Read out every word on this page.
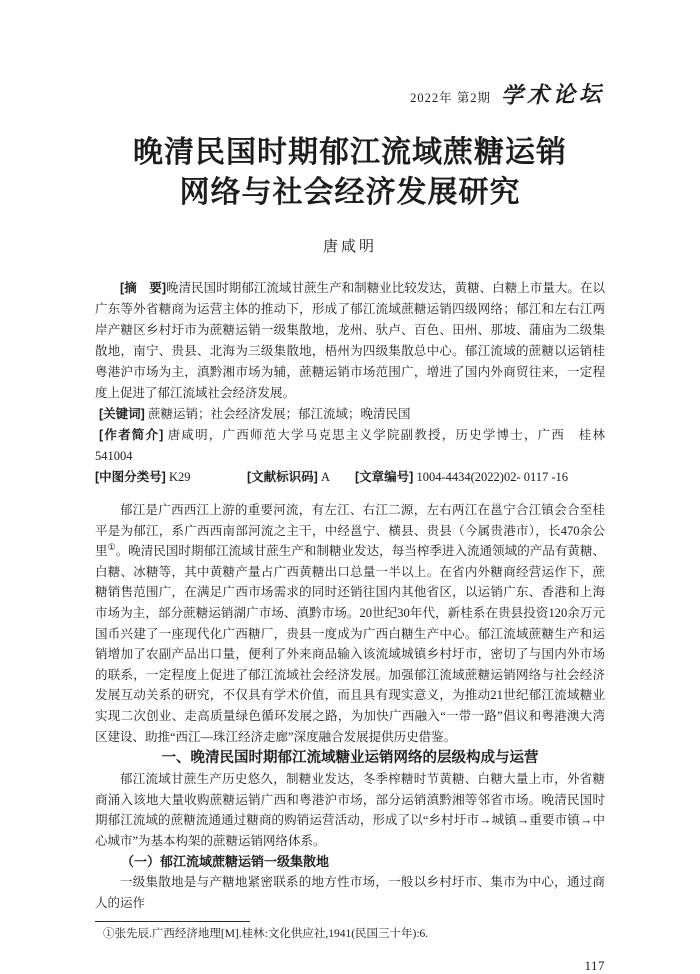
2022年 第2期 学术论坛
晚清民国时期郁江流域蔗糖运销
网络与社会经济发展研究
唐咸明

[摘　要]晚清民国时期郁江流域甘蔗生产和制糖业比较发达，黄糖、白糖上市量大。在以广东等外省糖商为运营主体的推动下，形成了郁江流域蔗糖运销四级网络；郁江和左右江两岸产糖区乡村圩市为蔗糖运销一级集散地，龙州、驮卢、百色、田州、那坡、蒲庙为二级集散地，南宁、贵县、北海为三级集散地，梧州为四级集散总中心。郁江流域的蔗糖以运销桂粤港沪市场为主，滇黔湘市场为辅，蔗糖运销市场范围广，增进了国内外商贸往来，一定程度上促进了郁江流域社会经济发展。

[关键词] 蔗糖运销；社会经济发展；郁江流域；晚清民国

[作者简介] 唐咸明，广西师范大学马克思主义学院副教授，历史学博士，广西　桂林　541004

[中图分类号] K29	[文献标识码] A	[文章编号] 1004-4434(2022)02- 0117 -16

郁江是广西西江上游的重要河流，有左江、右江二源，左右两江在邕宁合江镇会合至桂平是为郁江，系广西西南部河流之主干，中经邕宁、横县、贵县（今属贵港市），长470余公里①。晚清民国时期郁江流域甘蔗生产和制糖业发达，每当榨季进入流通领域的产品有黄糖、白糖、冰糖等，其中黄糖产量占广西黄糖出口总量一半以上。在省内外糖商经营运作下，蔗糖销售范围广，在满足广西市场需求的同时还销往国内其他省区，以运销广东、香港和上海市场为主，部分蔗糖运销湖广市场、滇黔市场。20世纪30年代，新桂系在贵县投资120余万元国币兴建了一座现代化广西糖厂，贵县一度成为广西白糖生产中心。郁江流域蔗糖生产和运销增加了农副产品出口量，便利了外来商品输入该流域城镇乡村圩市，密切了与国内外市场的联系，一定程度上促进了郁江流域社会经济发展。加强郁江流域蔗糖运销网络与社会经济发展互动关系的研究，不仅具有学术价值，而且具有现实意义，为推动21世纪郁江流域糖业实现二次创业、走高质量绿色循环发展之路，为加快广西融入“一带一路”倡议和粤港澳大湾区建设、助推“西江—珠江经济走廊”深度融合发展提供历史借鉴。

一、晚清民国时期郁江流域糖业运销网络的层级构成与运营

郁江流域甘蔗生产历史悠久，制糖业发达，冬季榨糖时节黄糖、白糖大量上市，外省糖商涌入该地大量收购蔗糖运销广西和粤港沪市场，部分运销滇黔湘等邻省市场。晚清民国时期郁江流域的蔗糖流通通过糖商的购销运营活动，形成了以“乡村圩市→城镇→重要市镇→中心城市”为基本构架的蔗糖运销网络体系。

（一）郁江流域蔗糖运销一级集散地

一级集散地是与产糖地紧密联系的地方性市场，一般以乡村圩市、集市为中心，通过商人的运作

①张先辰.广西经济地理[M].桂林:文化供应社,1941(民国三十年):6.
117
